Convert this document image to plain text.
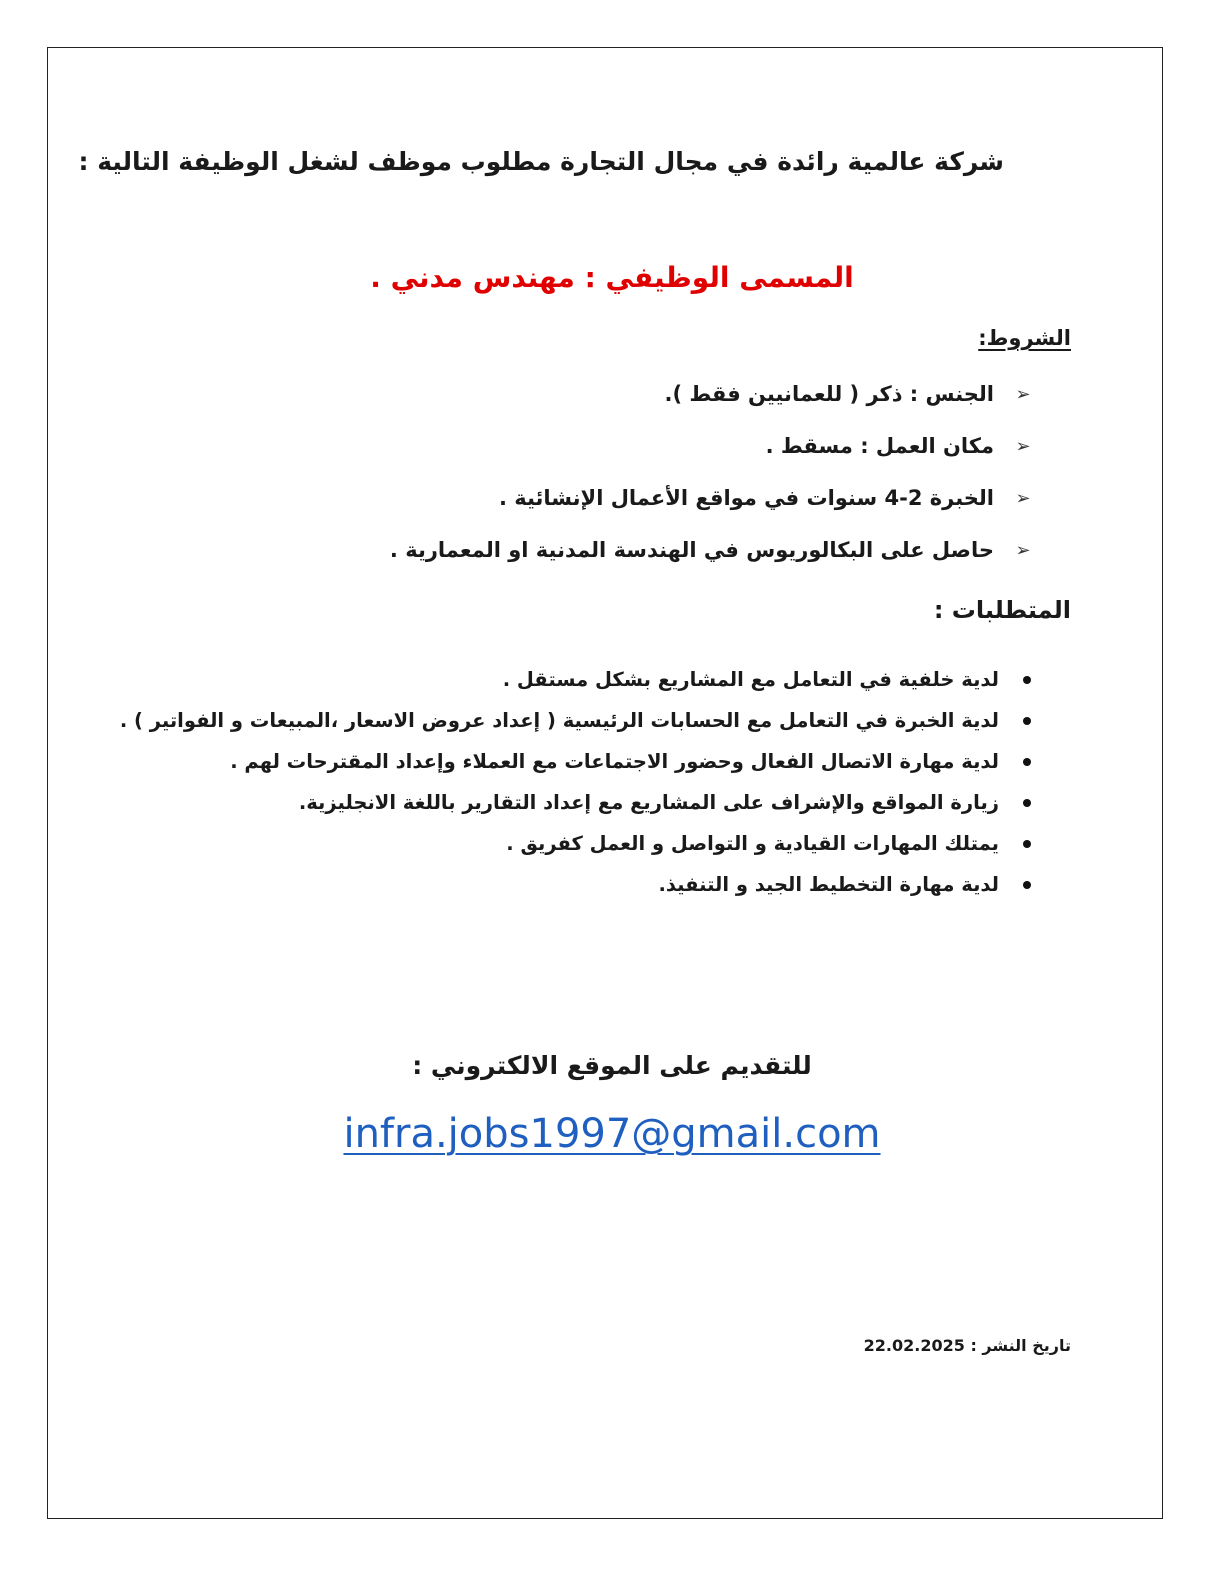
شركة عالمية رائدة في مجال التجارة مطلوب موظف لشغل الوظيفة التالية :
المسمى الوظيفي : مهندس مدني .
الشروط:
➢
الجنس : ذكر ( للعمانيين فقط ).
➢
مكان العمل : مسقط .
➢
الخبرة 2-4 سنوات في مواقع الأعمال الإنشائية .
➢
حاصل على البكالوريوس في الهندسة المدنية او المعمارية .
المتطلبات :
لدية خلفية في التعامل مع المشاريع بشكل مستقل .
لدية الخبرة في التعامل مع الحسابات الرئيسية ( إعداد عروض الاسعار ،المبيعات و الفواتير ) .
لدية مهارة الاتصال الفعال وحضور الاجتماعات مع العملاء وإعداد المقترحات لهم .
زيارة المواقع والإشراف على المشاريع مع إعداد التقارير باللغة الانجليزية.
يمتلك المهارات القيادية و التواصل و العمل كفريق .
لدية مهارة التخطيط الجيد و التنفيذ.
للتقديم على الموقع الالكتروني :
infra.jobs1997@gmail.com
تاريخ النشر : 22.02.2025
